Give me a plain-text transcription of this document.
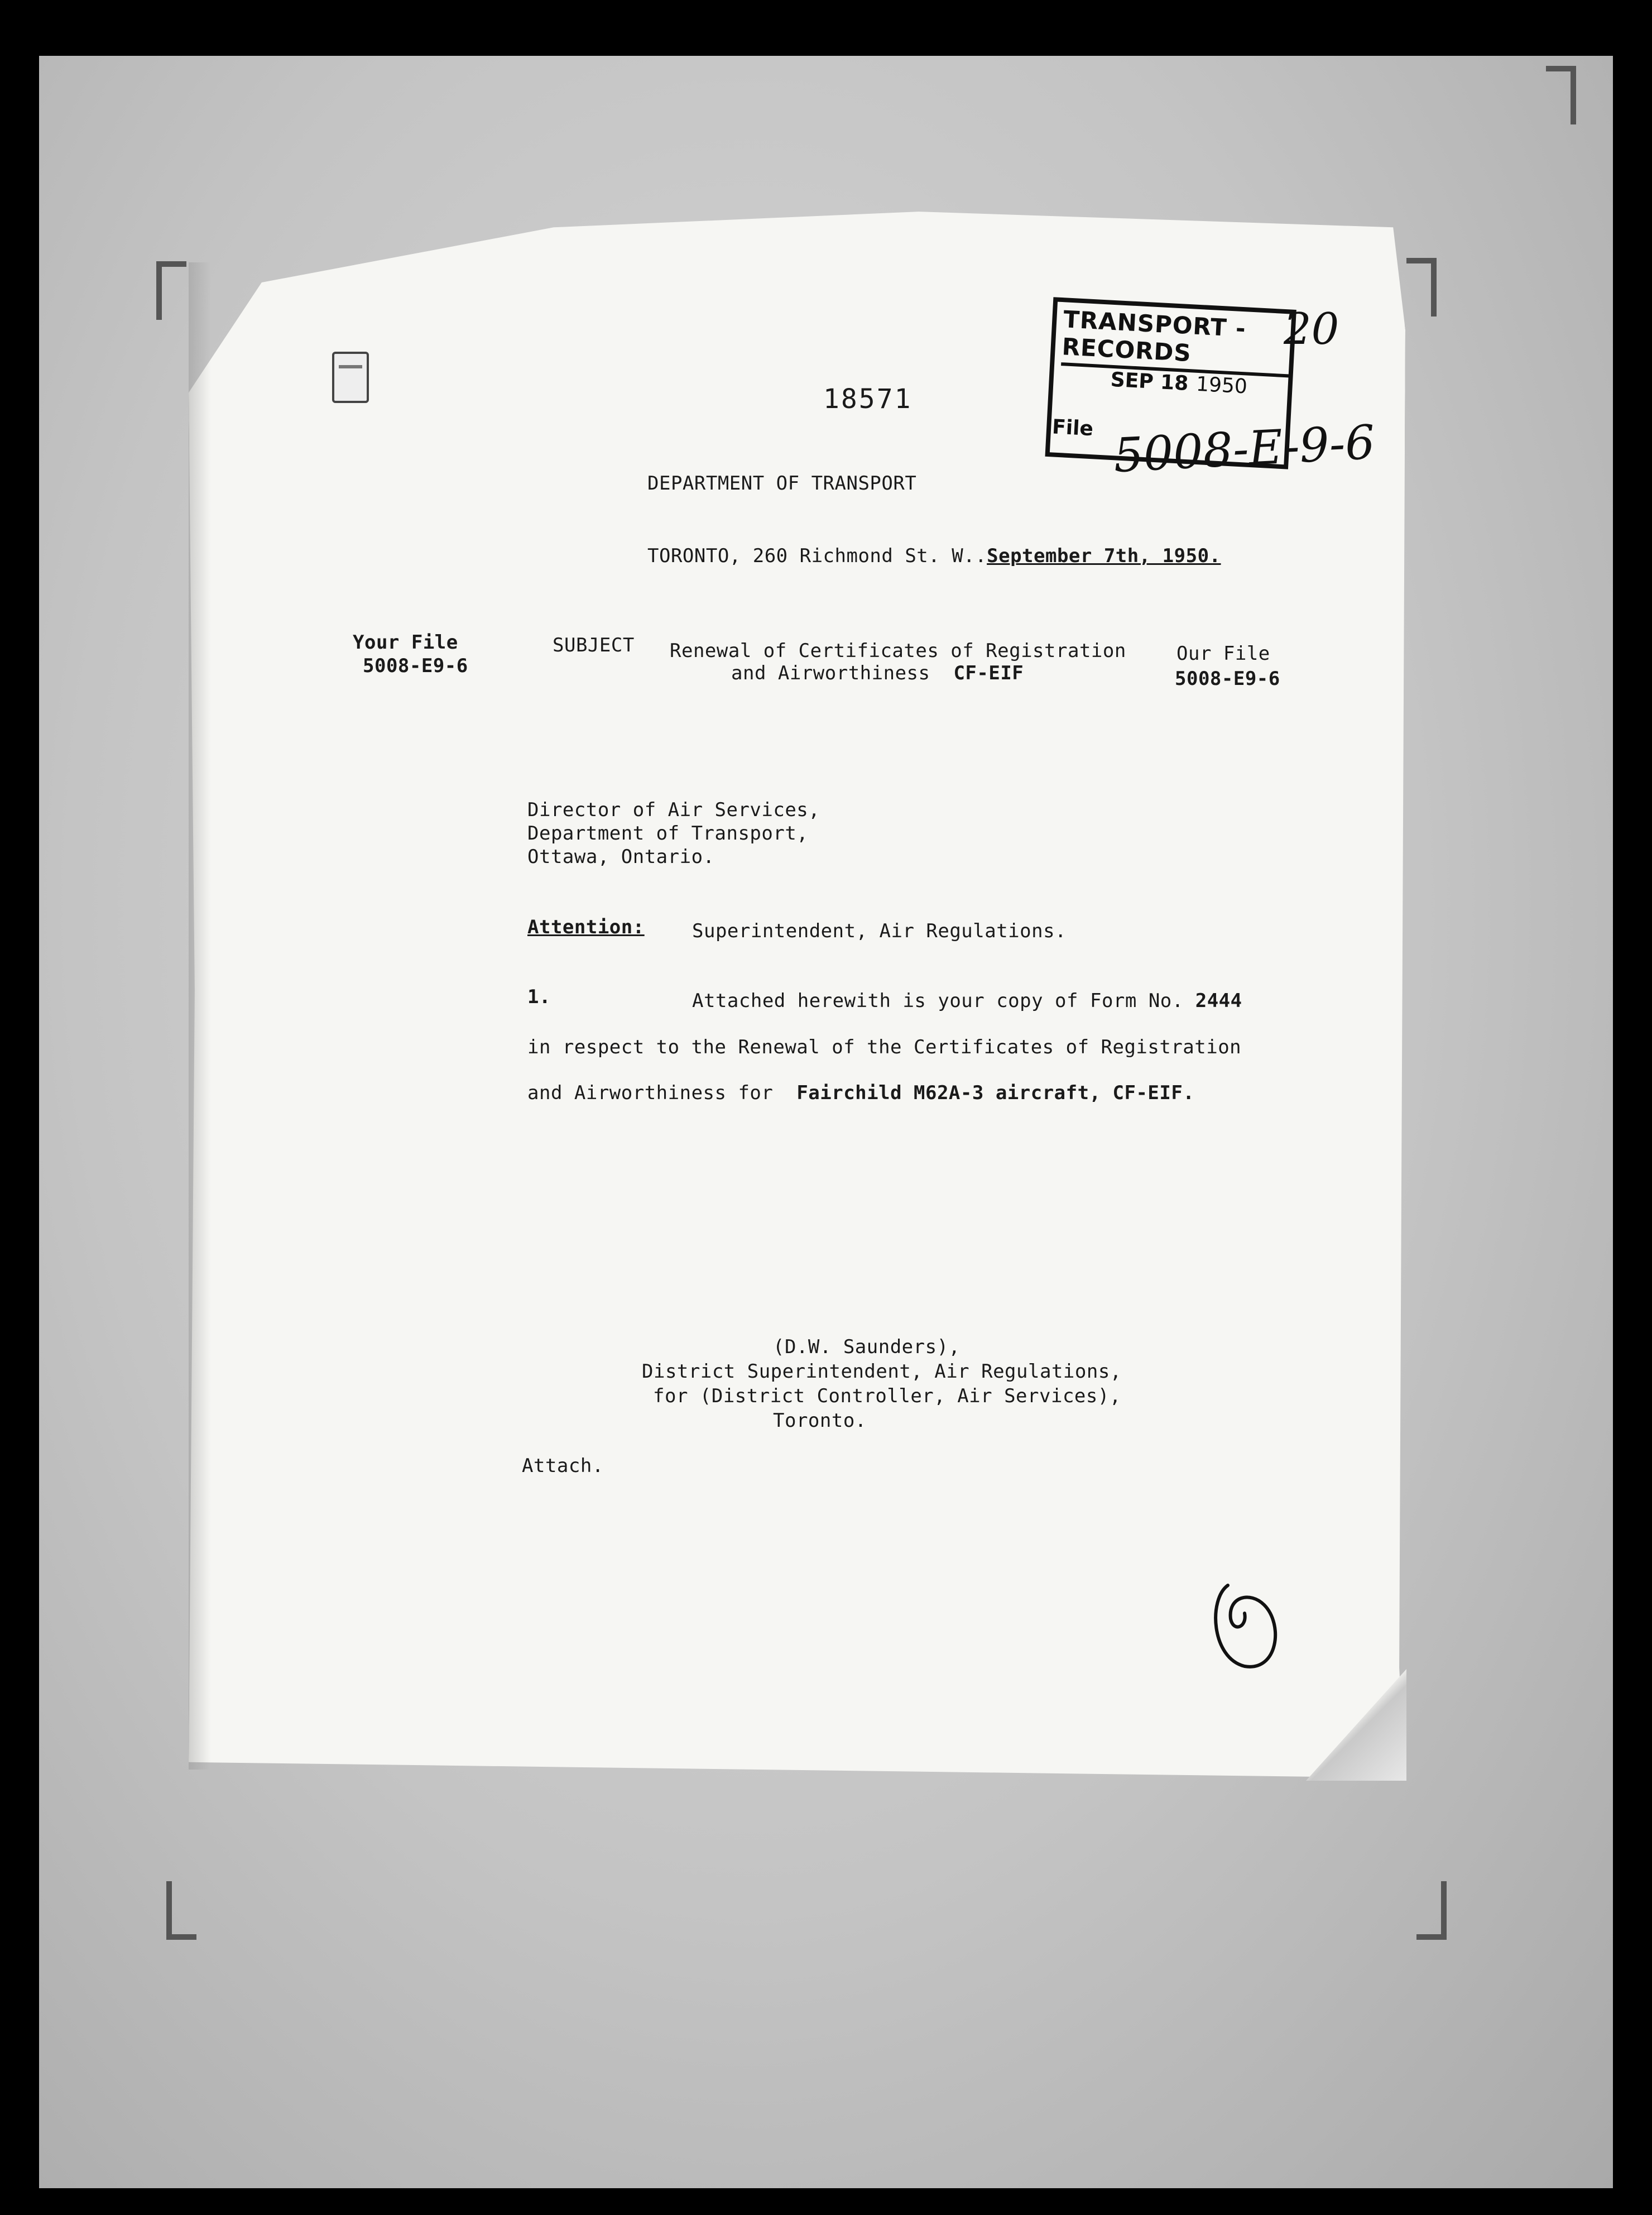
TRANSPORT - RECORDS
SEP 18 1950
File 5008-E-9-6
20
18571
DEPARTMENT OF TRANSPORT
TORONTO, 260 Richmond St. W..September 7th, 1950.
Your File
5008-E9-6
SUBJECT Renewal of Certificates of Registration
and Airworthiness CF-EIF
Our File
5008-E9-6
Director of Air Services,
Department of Transport,
Ottawa, Ontario.
Attention:	Superintendent, Air Regulations.
1.	Attached herewith is your copy of Form No. 2444
in respect to the Renewal of the Certificates of Registration
and Airworthiness for Fairchild M62A-3 aircraft, CF-EIF.
(D.W. Saunders),
District Superintendent, Air Regulations,
for (District Controller, Air Services),
Toronto.
Attach.
